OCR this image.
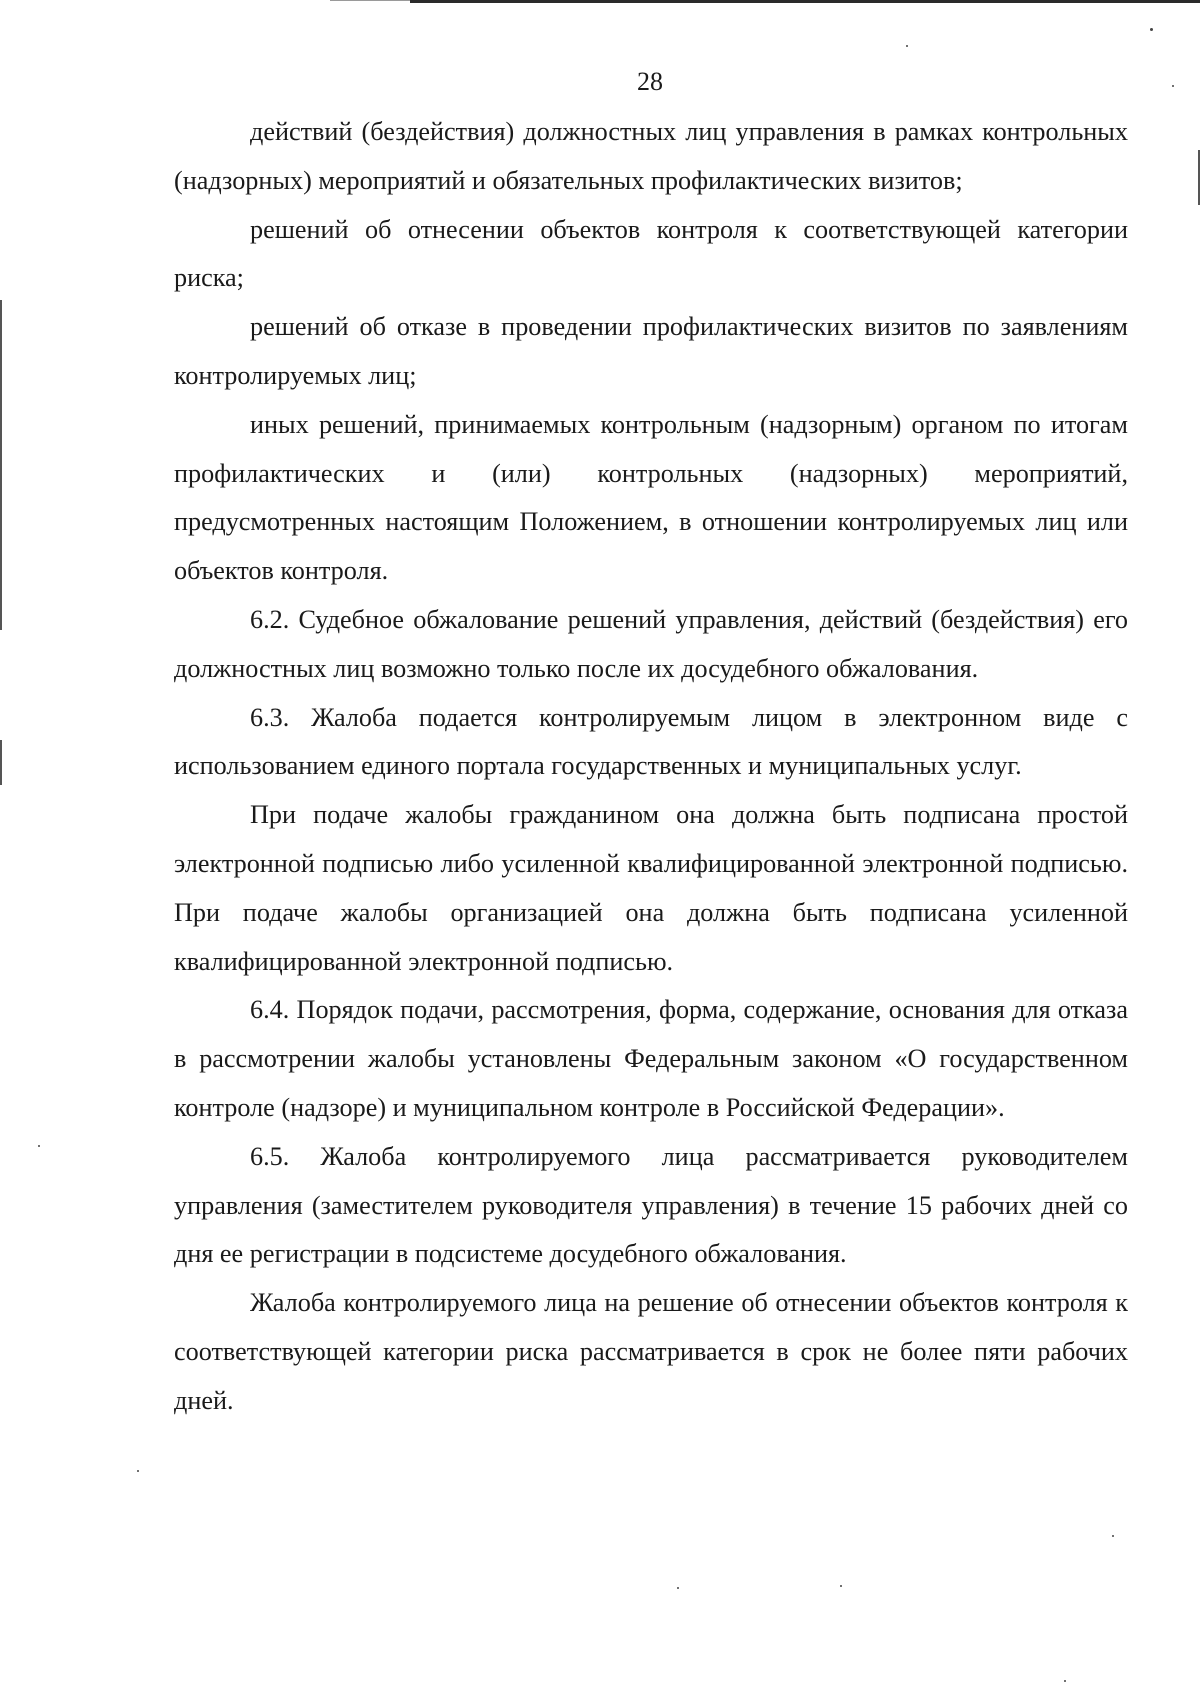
28

действий (бездействия) должностных лиц управления в рамках контрольных (надзорных) мероприятий и обязательных профилактических визитов;

решений об отнесении объектов контроля к соответствующей категории риска;

решений об отказе в проведении профилактических визитов по заявлениям контролируемых лиц;

иных решений, принимаемых контрольным (надзорным) органом по итогам профилактических и (или) контрольных (надзорных) мероприятий, предусмотренных настоящим Положением, в отношении контролируемых лиц или объектов контроля.

6.2. Судебное обжалование решений управления, действий (бездействия) его должностных лиц возможно только после их досудебного обжалования.

6.3. Жалоба подается контролируемым лицом в электронном виде с использованием единого портала государственных и муниципальных услуг.

При подаче жалобы гражданином она должна быть подписана простой электронной подписью либо усиленной квалифицированной электронной подписью. При подаче жалобы организацией она должна быть подписана усиленной квалифицированной электронной подписью.

6.4. Порядок подачи, рассмотрения, форма, содержание, основания для отказа в рассмотрении жалобы установлены Федеральным законом «О государственном контроле (надзоре) и муниципальном контроле в Российской Федерации».

6.5. Жалоба контролируемого лица рассматривается руководителем управления (заместителем руководителя управления) в течение 15 рабочих дней со дня ее регистрации в подсистеме досудебного обжалования.

Жалоба контролируемого лица на решение об отнесении объектов контроля к соответствующей категории риска рассматривается в срок не более пяти рабочих дней.
